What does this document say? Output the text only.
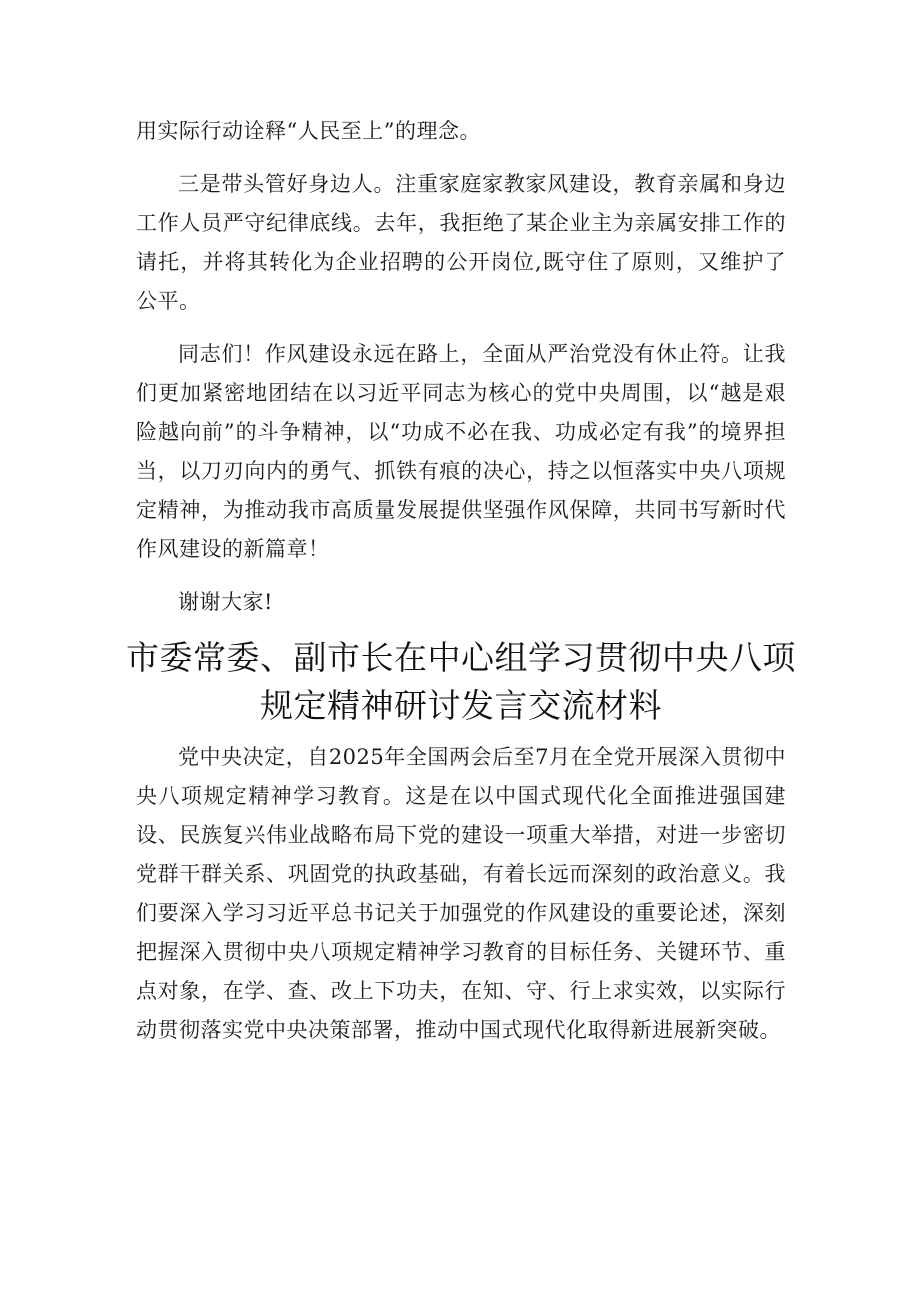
用实际行动诠释“人民至上”的理念。

三是带头管好身边人。注重家庭家教家风建设，教育亲属和身边工作人员严守纪律底线。去年，我拒绝了某企业主为亲属安排工作的请托，并将其转化为企业招聘的公开岗位,既守住了原则，又维护了公平。

同志们！作风建设永远在路上，全面从严治党没有休止符。让我们更加紧密地团结在以习近平同志为核心的党中央周围，以“越是艰险越向前”的斗争精神，以“功成不必在我、功成必定有我”的境界担当，以刀刃向内的勇气、抓铁有痕的决心，持之以恒落实中央八项规定精神，为推动我市高质量发展提供坚强作风保障，共同书写新时代作风建设的新篇章！

谢谢大家!

市委常委、副市长在中心组学习贯彻中央八项规定精神研讨发言交流材料

党中央决定，自2025年全国两会后至7月在全党开展深入贯彻中央八项规定精神学习教育。这是在以中国式现代化全面推进强国建设、民族复兴伟业战略布局下党的建设一项重大举措，对进一步密切党群干群关系、巩固党的执政基础，有着长远而深刻的政治意义。我们要深入学习习近平总书记关于加强党的作风建设的重要论述，深刻把握深入贯彻中央八项规定精神学习教育的目标任务、关键环节、重点对象，在学、查、改上下功夫，在知、守、行上求实效，以实际行动贯彻落实党中央决策部署，推动中国式现代化取得新进展新突破。
